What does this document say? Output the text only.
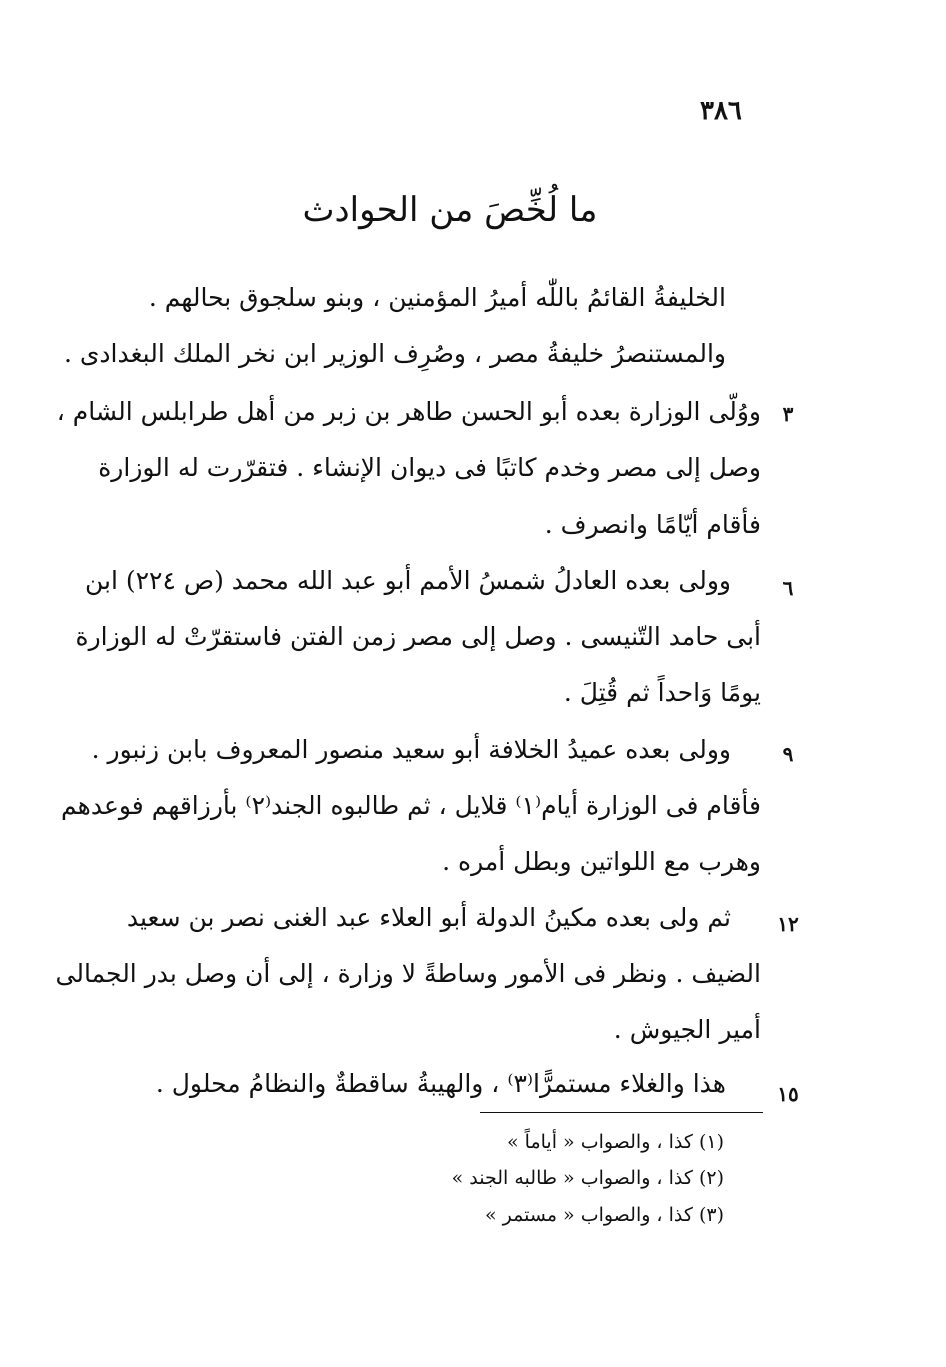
٣٨٦
ما لُخِّصَ من الحوادث
الخليفةُ القائمُ باللّٰه أميرُ المؤمنين ، وبنو سلجوق بحالهم .
والمستنصرُ خليفةُ مصر ، وصُرِف الوزير ابن نخر الملك البغدادى .
٣
ووُلّى الوزارة بعده أبو الحسن طاهر بن زبر من أهل طرابلس الشام ،
وصل إلى مصر وخدم كاتبًا فى ديوان الإنشاء . فتقرّرت له الوزارة
فأقام أيّامًا وانصرف .
٦
وولى بعده العادلُ شمسُ الأمم أبو عبد الله محمد (ص ٢٢٤) ابن
أبى حامد التّنيسى . وصل إلى مصر زمن الفتن فاستقرّتْ له الوزارة
يومًا وَاحداً ثم قُتِلَ .
٩
وولى بعده عميدُ الخلافة أبو سعيد منصور المعروف بابن زنبور .
فأقام فى الوزارة أيام⁽١⁾ قلايل ، ثم طالبوه الجند⁽٢⁾ بأرزاقهم فوعدهم
وهرب مع اللواتين وبطل أمره .
١٢
ثم ولى بعده مكينُ الدولة أبو العلاء عبد الغنى نصر بن سعيد
الضيف . ونظر فى الأمور وساطةً لا وزارة ، إلى أن وصل بدر الجمالى
أمير الجيوش .
١٥
هذا والغلاء مستمرًّا⁽٣⁾ ، والهيبةُ ساقطةٌ والنظامُ محلول .
(١) كذا ، والصواب « أياماً »
(٢) كذا ، والصواب « طالبه الجند »
(٣) كذا ، والصواب « مستمر »
